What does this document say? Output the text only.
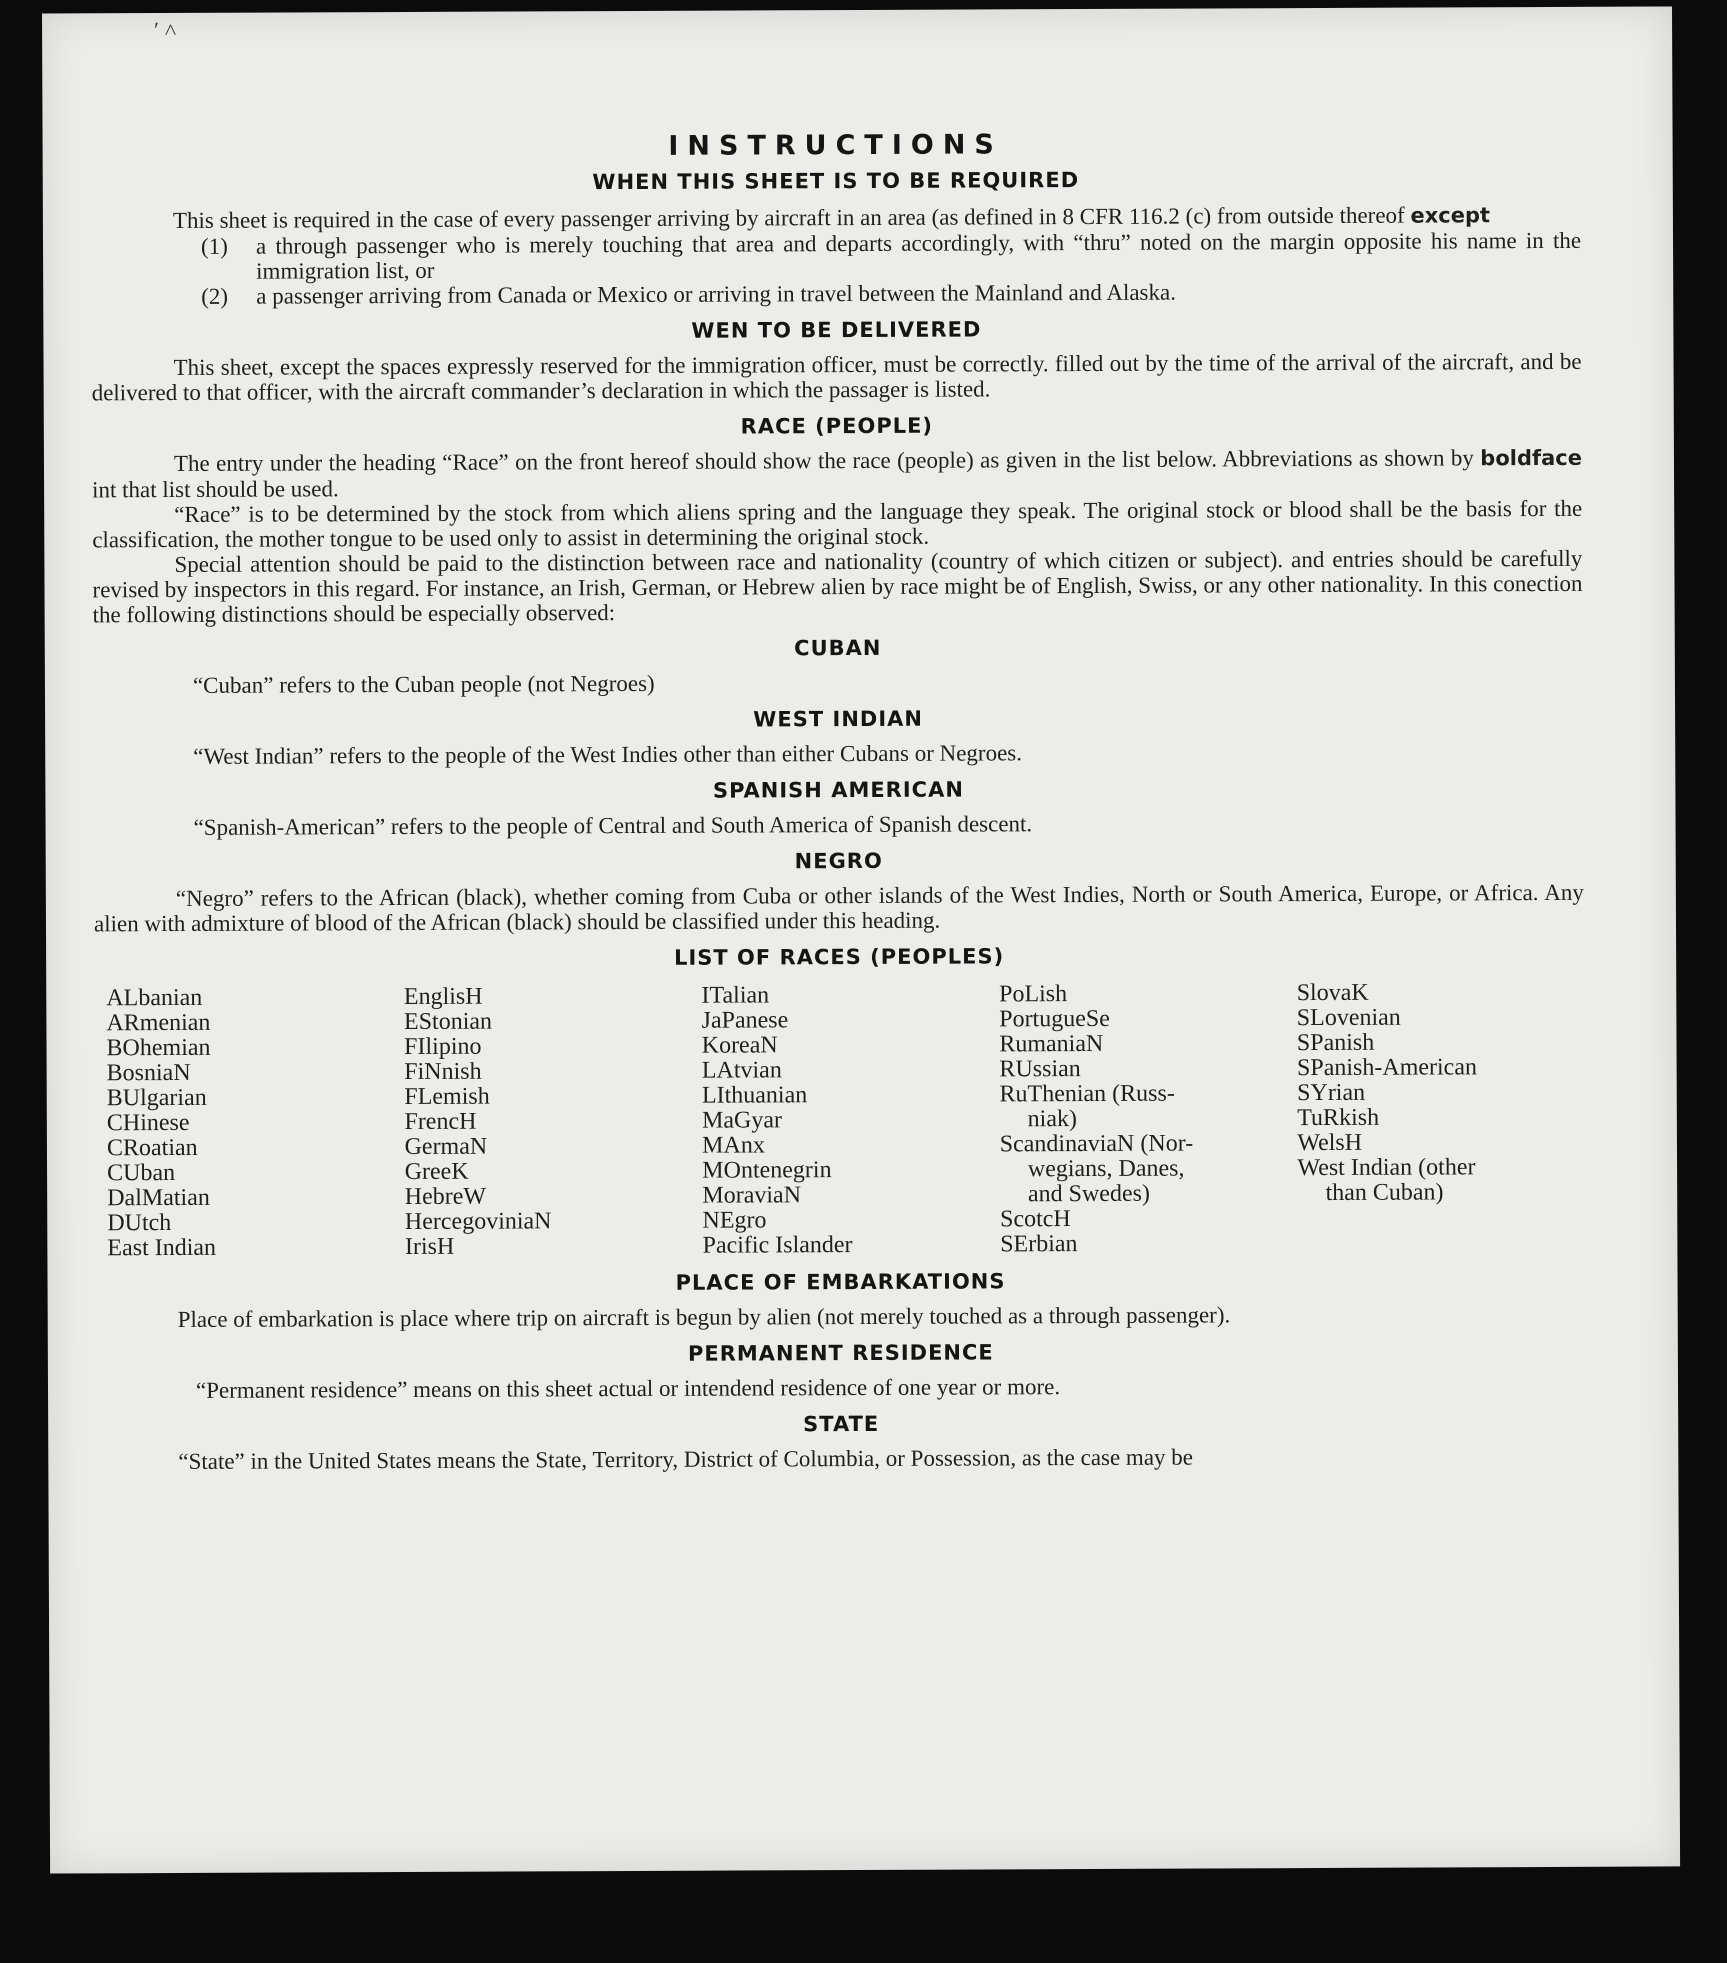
′ ˄
INSTRUCTIONS
WHEN THIS SHEET IS TO BE REQUIRED

This sheet is required in the case of every passenger arriving by aircraft in an area (as defined in 8 CFR 116.2 (c) from outside thereof except

(1)	a through passenger who is merely touching that area and departs accordingly, with “thru” noted on the margin opposite his name in the immigration list, or
(2)	a passenger arriving from Canada or Mexico or arriving in travel between the Mainland and Alaska.
WEN TO BE DELIVERED

This sheet, except the spaces expressly reserved for the immigration officer, must be correctly. filled out by the time of the arrival of the aircraft, and be delivered to that officer, with the aircraft commander’s declaration in which the passager is listed.

RACE (PEOPLE)

The entry under the heading “Race” on the front hereof should show the race (people) as given in the list below. Abbreviations as shown by boldface int that list should be used.

“Race” is to be determined by the stock from which aliens spring and the language they speak. The original stock or blood shall be the basis for the classification, the mother tongue to be used only to assist in determining the original stock.

Special attention should be paid to the distinction between race and nationality (country of which citizen or subject). and entries should be carefully revised by inspectors in this regard. For instance, an Irish, German, or Hebrew alien by race might be of English, Swiss, or any other nationality. In this conection the following distinctions should be especially observed:

CUBAN

“Cuban” refers to the Cuban people (not Negroes)

WEST INDIAN

“West Indian” refers to the people of the West Indies other than either Cubans or Negroes.

SPANISH AMERICAN

“Spanish-American” refers to the people of Central and South America of Spanish descent.

NEGRO

“Negro” refers to the African (black), whether coming from Cuba or other islands of the West Indies, North or South America, Europe, or Africa. Any alien with admixture of blood of the African (black) should be classified under this heading.

LIST OF RACES (PEOPLES)
ALbanian
ARmenian
BOhemian
BosniaN
BUlgarian
CHinese
CRoatian
CUban
DalMatian
DUtch
East Indian
EnglisH
EStonian
FIlipino
FiNnish
FLemish
FrencH
GermaN
GreeK
HebreW
HercegoviniaN
IrisH
ITalian
JaPanese
KoreaN
LAtvian
LIthuanian
MaGyar
MAnx
MOntenegrin
MoraviaN
NEgro
Pacific Islander
PoLish
PortugueSe
RumaniaN
RUssian
RuThenian (Russ-
niak)
ScandinaviaN (Nor-
wegians, Danes,
and Swedes)
ScotcH
SErbian
SlovaK
SLovenian
SPanish
SPanish-American
SYrian
TuRkish
WelsH
West Indian (other
than Cuban)
PLACE OF EMBARKATIONS

Place of embarkation is place where trip on aircraft is begun by alien (not merely touched as a through passenger).

PERMANENT RESIDENCE

“Permanent residence” means on this sheet actual or intendend residence of one year or more.

STATE

“State” in the United States means the State, Territory, District of Columbia, or Possession, as the case may be
